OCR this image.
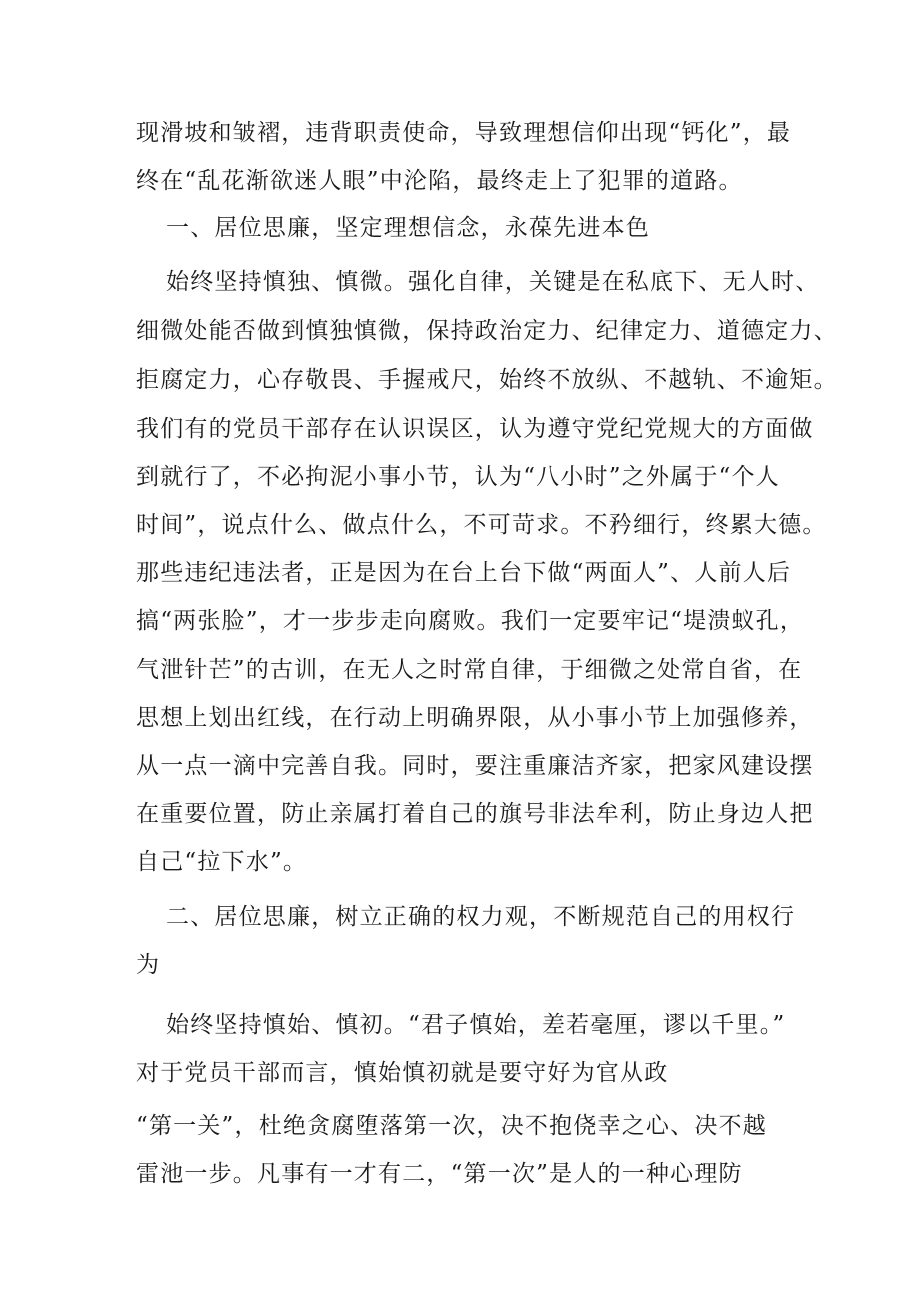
现滑坡和皱褶，违背职责使命，导致理想信仰出现“钙化”，最
终在“乱花渐欲迷人眼”中沦陷，最终走上了犯罪的道路。
一、居位思廉，坚定理想信念，永葆先进本色
始终坚持慎独、慎微。强化自律，关键是在私底下、无人时、
细微处能否做到慎独慎微，保持政治定力、纪律定力、道德定力、
拒腐定力，心存敬畏、手握戒尺，始终不放纵、不越轨、不逾矩。
我们有的党员干部存在认识误区，认为遵守党纪党规大的方面做
到就行了，不必拘泥小事小节，认为“八小时”之外属于“个人
时间”，说点什么、做点什么，不可苛求。不矜细行，终累大德。
那些违纪违法者，正是因为在台上台下做“两面人”、人前人后
搞“两张脸”，才一步步走向腐败。我们一定要牢记“堤溃蚁孔，
气泄针芒”的古训，在无人之时常自律，于细微之处常自省，在
思想上划出红线，在行动上明确界限，从小事小节上加强修养，
从一点一滴中完善自我。同时，要注重廉洁齐家，把家风建设摆
在重要位置，防止亲属打着自己的旗号非法牟利，防止身边人把
自己“拉下水”。
二、居位思廉，树立正确的权力观，不断规范自己的用权行
为
始终坚持慎始、慎初。“君子慎始，差若毫厘，谬以千里。”
对于党员干部而言，慎始慎初就是要守好为官从政
“第一关”，杜绝贪腐堕落第一次，决不抱侥幸之心、决不越
雷池一步。凡事有一才有二，“第一次”是人的一种心理防
